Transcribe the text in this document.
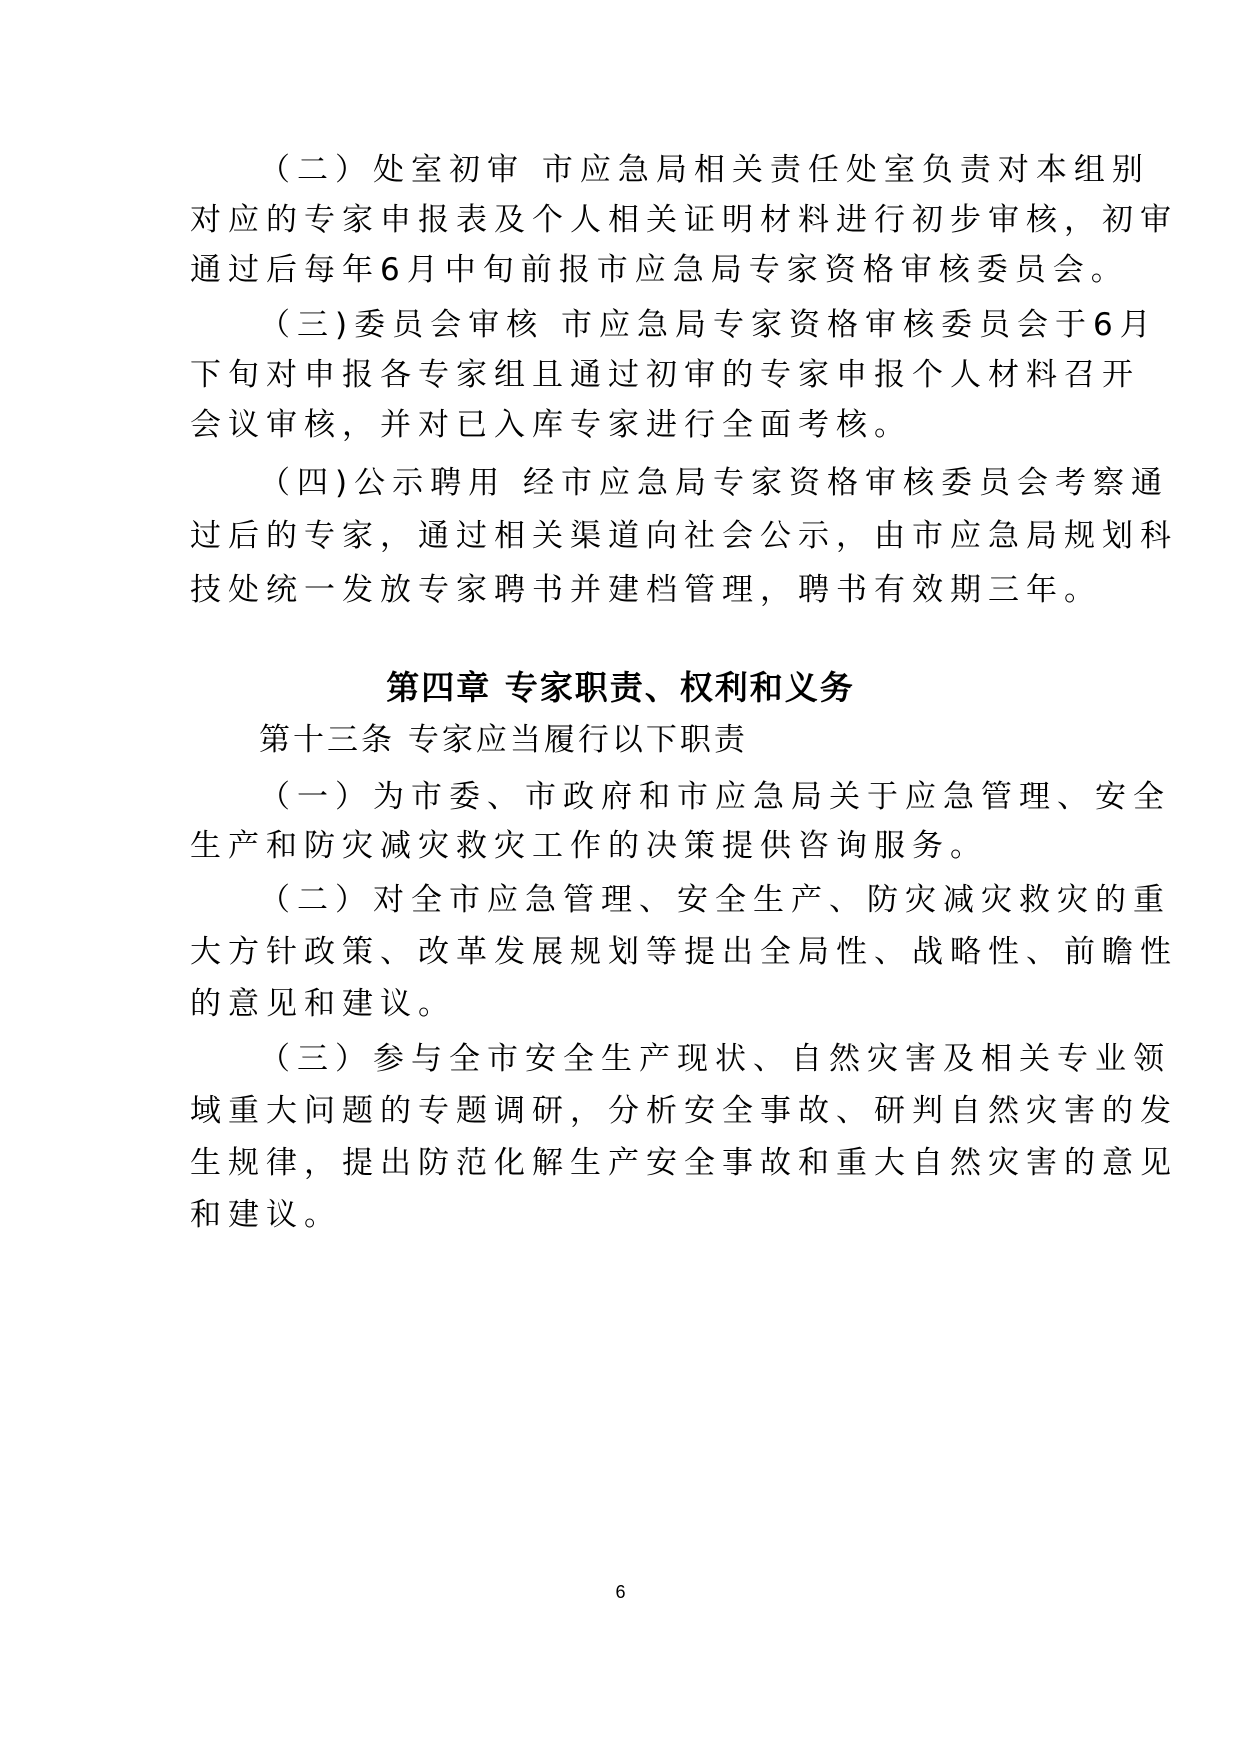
（二）处室初审 市应急局相关责任处室负责对本组别
对应的专家申报表及个人相关证明材料进行初步审核，初审
通过后每年6月中旬前报市应急局专家资格审核委员会。
（三)委员会审核 市应急局专家资格审核委员会于6月
下旬对申报各专家组且通过初审的专家申报个人材料召开
会议审核，并对已入库专家进行全面考核。
（四)公示聘用 经市应急局专家资格审核委员会考察通
过后的专家，通过相关渠道向社会公示，由市应急局规划科
技处统一发放专家聘书并建档管理，聘书有效期三年。
第四章 专家职责、权利和义务
第十三条 专家应当履行以下职责
（一）为市委、市政府和市应急局关于应急管理、安全
生产和防灾减灾救灾工作的决策提供咨询服务。
（二）对全市应急管理、安全生产、防灾减灾救灾的重
大方针政策、改革发展规划等提出全局性、战略性、前瞻性
的意见和建议。
（三）参与全市安全生产现状、自然灾害及相关专业领
域重大问题的专题调研，分析安全事故、研判自然灾害的发
生规律，提出防范化解生产安全事故和重大自然灾害的意见
和建议。
6
